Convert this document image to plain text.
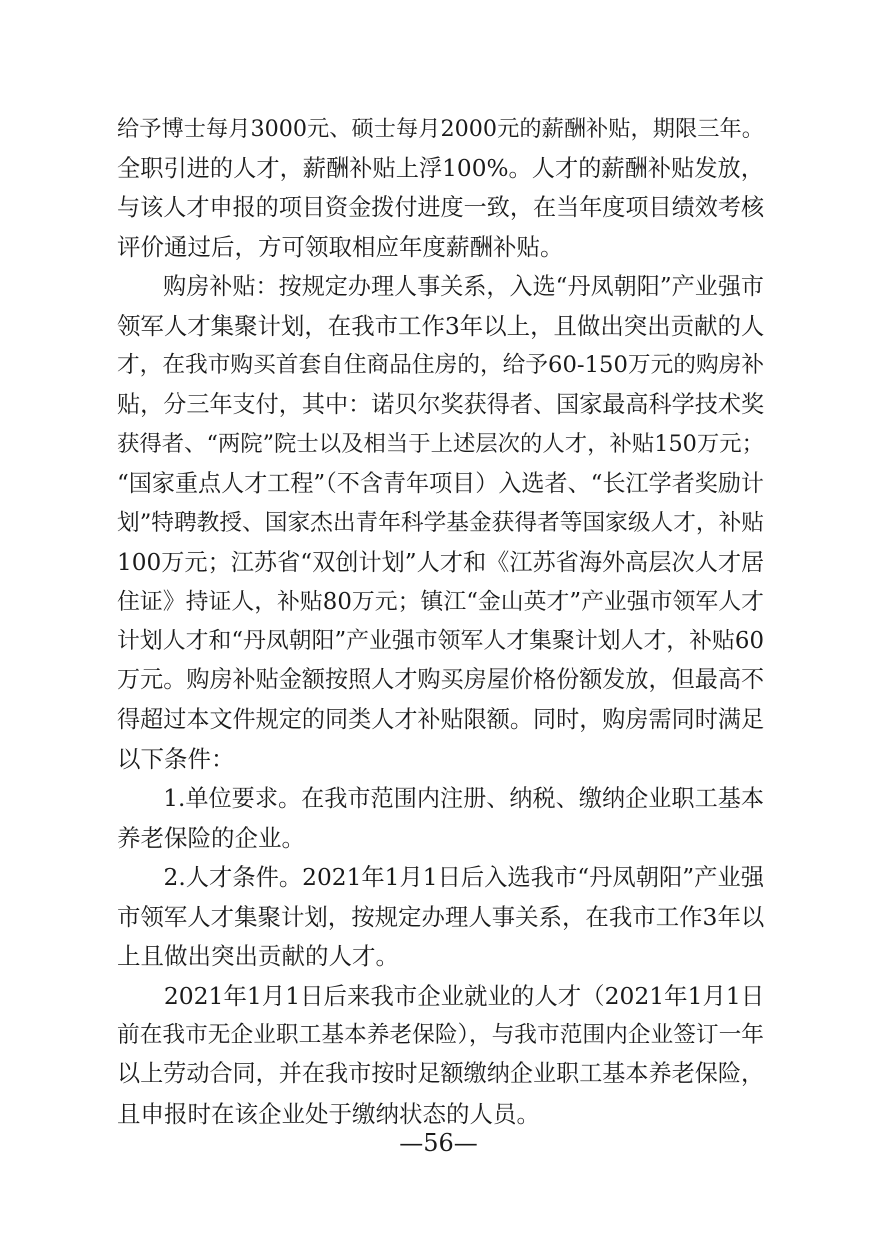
给予博士每月3000元、硕士每月2000元的薪酬补贴，期限三年。
全职引进的人才，薪酬补贴上浮100%。人才的薪酬补贴发放，
与该人才申报的项目资金拨付进度一致，在当年度项目绩效考核
评价通过后，方可领取相应年度薪酬补贴。
　　购房补贴：按规定办理人事关系，入选“丹凤朝阳”产业强市
领军人才集聚计划，在我市工作3年以上，且做出突出贡献的人
才，在我市购买首套自住商品住房的，给予60-150万元的购房补
贴，分三年支付，其中：诺贝尔奖获得者、国家最高科学技术奖
获得者、“两院”院士以及相当于上述层次的人才，补贴150万元；
“国家重点人才工程”（不含青年项目）入选者、“长江学者奖励计
划”特聘教授、国家杰出青年科学基金获得者等国家级人才，补贴
100万元；江苏省“双创计划”人才和《江苏省海外高层次人才居
住证》持证人，补贴80万元；镇江“金山英才”产业强市领军人才
计划人才和“丹凤朝阳”产业强市领军人才集聚计划人才，补贴60
万元。购房补贴金额按照人才购买房屋价格份额发放，但最高不
得超过本文件规定的同类人才补贴限额。同时，购房需同时满足
以下条件：
　　1.单位要求。在我市范围内注册、纳税、缴纳企业职工基本
养老保险的企业。
　　2.人才条件。2021年1月1日后入选我市“丹凤朝阳”产业强
市领军人才集聚计划，按规定办理人事关系，在我市工作3年以
上且做出突出贡献的人才。
　　2021年1月1日后来我市企业就业的人才（2021年1月1日
前在我市无企业职工基本养老保险），与我市范围内企业签订一年
以上劳动合同，并在我市按时足额缴纳企业职工基本养老保险，
且申报时在该企业处于缴纳状态的人员。
—56—
